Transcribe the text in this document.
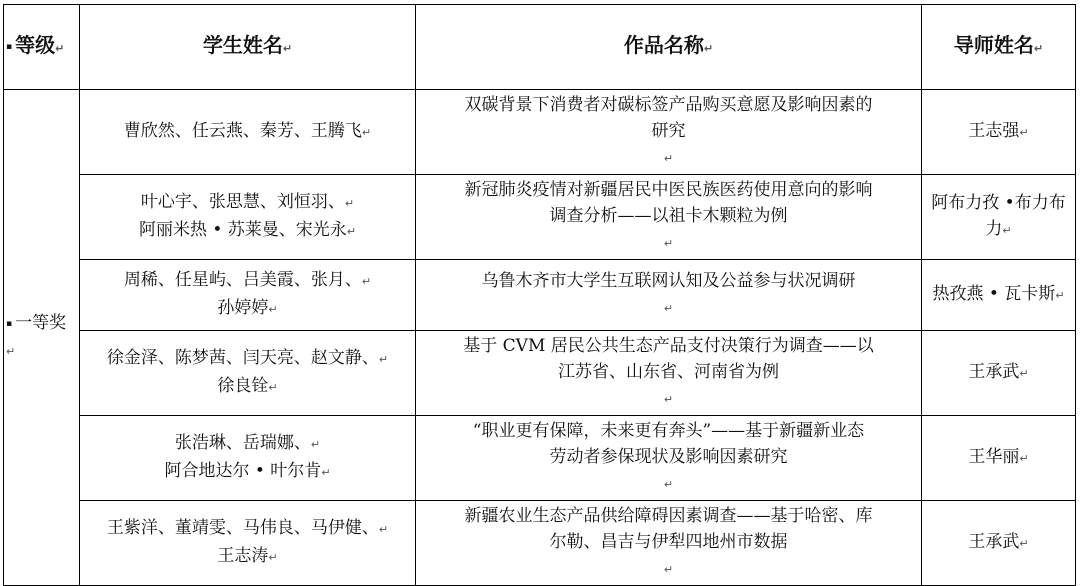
▪ 等级↵	学生姓名↵	作品名称↵	导师姓名↵
▪ 一等奖↵	曹欣然、任云燕、秦芳、王腾飞↵	双碳背景下消费者对碳标签产品购买意愿及影响因素的
研究
↵	王志强↵

	叶心宇、张思慧、刘恒羽、↵
阿丽米热 • 苏莱曼、宋光永↵	新冠肺炎疫情对新疆居民中医民族医药使用意向的影响
调查分析——以祖卡木颗粒为例
↵	阿布力孜 •布力布力↵

	周稀、任星屿、吕美霞、张月、↵
孙婷婷↵	乌鲁木齐市大学生互联网认知及公益参与状况调研
↵	热孜燕 • 瓦卡斯↵

	徐金泽、陈梦茜、闫天亮、赵文静、↵
徐良铨↵	基于 CVM 居民公共生态产品支付决策行为调查——以
江苏省、山东省、河南省为例
↵	王承武↵

	张浩琳、岳瑞娜、↵
阿合地达尔 • 叶尔肯↵	“职业更有保障，未来更有奔头”——基于新疆新业态
劳动者参保现状及影响因素研究
↵	王华丽↵

	王紫洋、董靖雯、马伟良、马伊健、↵
王志涛↵	新疆农业生态产品供给障碍因素调查——基于哈密、库
尔勒、昌吉与伊犁四地州市数据
↵	王承武↵
